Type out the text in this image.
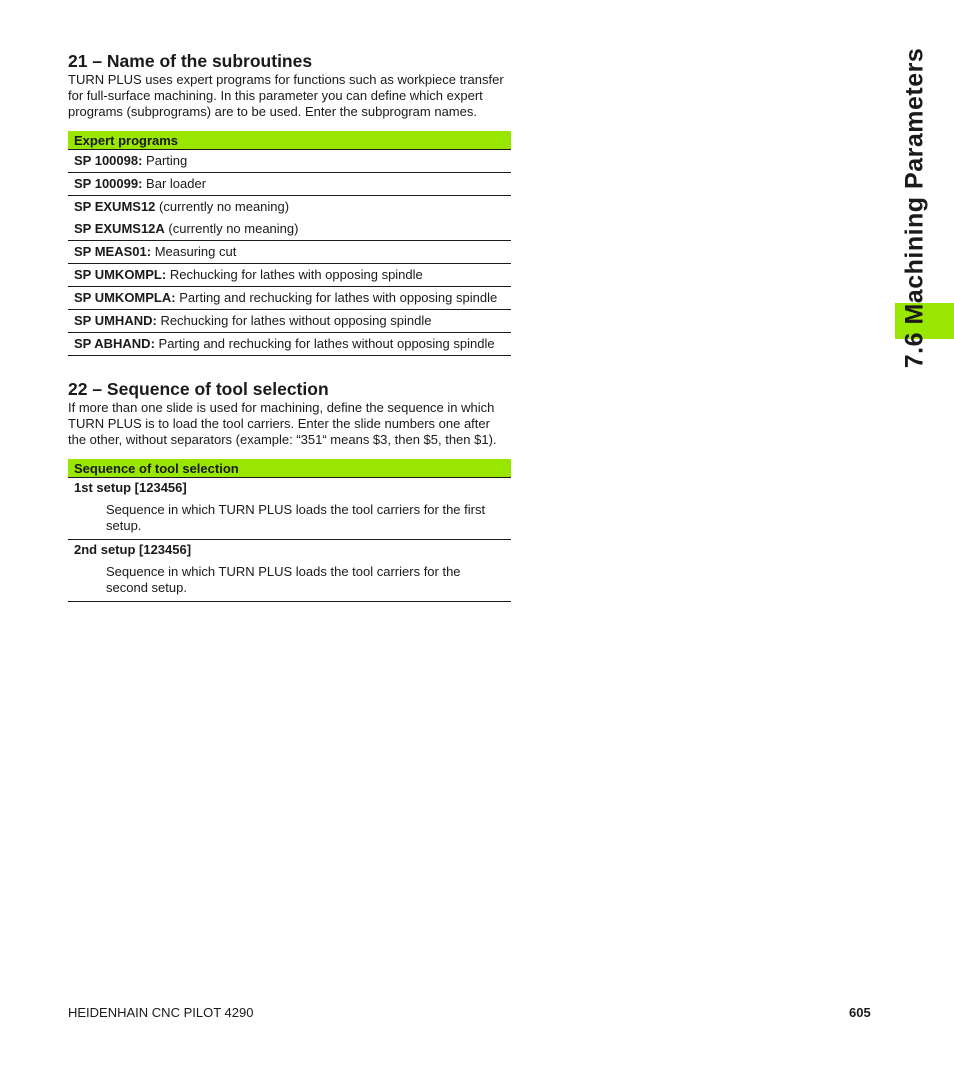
7.6 Machining Parameters
21 – Name of the subroutines

TURN PLUS uses expert programs for functions such as workpiece transfer for full-surface machining. In this parameter you can define which expert programs (subprograms) are to be used. Enter the subprogram names.

Expert programs
SP 100098: Parting
SP 100099: Bar loader
SP EXUMS12 (currently no meaning)
SP EXUMS12A (currently no meaning)
SP MEAS01: Measuring cut
SP UMKOMPL: Rechucking for lathes with opposing spindle
SP UMKOMPLA: Parting and rechucking for lathes with opposing spindle
SP UMHAND: Rechucking for lathes without opposing spindle
SP ABHAND: Parting and rechucking for lathes without opposing spindle
22 – Sequence of tool selection

If more than one slide is used for machining, define the sequence in which TURN PLUS is to load the tool carriers. Enter the slide numbers one after the other, without separators (example: “351“ means $3, then $5, then $1).

Sequence of tool selection
1st setup [123456]
Sequence in which TURN PLUS loads the tool carriers for the first setup.
2nd setup [123456]
Sequence in which TURN PLUS loads the tool carriers for the second setup.
HEIDENHAIN CNC PILOT 4290	605
